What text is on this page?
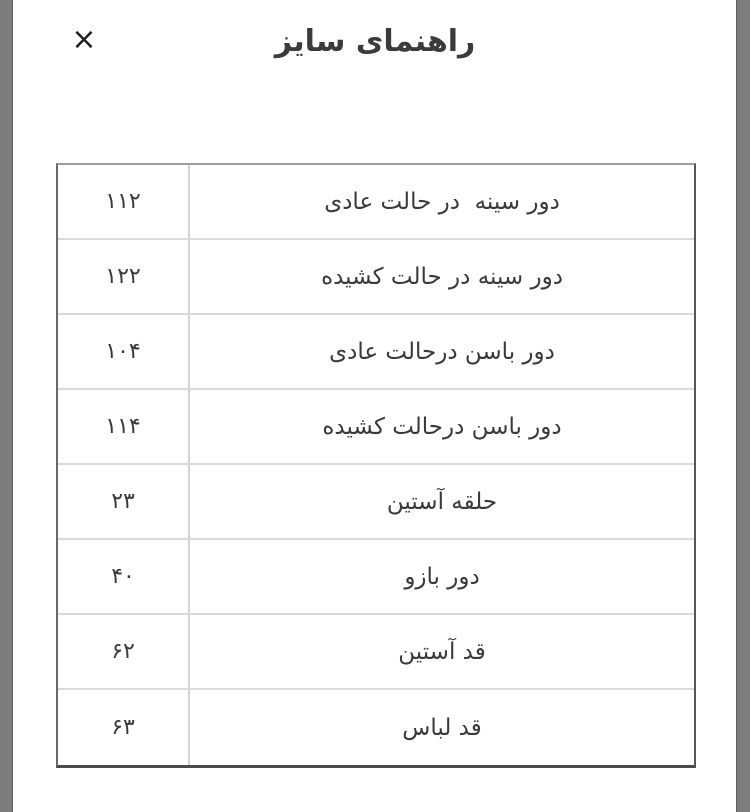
×	راهنمای سایز
۱۱۲	دور سینه  در حالت عادی
۱۲۲	دور سینه در حالت کشیده
۱۰۴	دور باسن درحالت عادی
۱۱۴	دور باسن درحالت کشیده
۲۳	حلقه آستین
۴۰	دور بازو
۶۲	قد آستین
۶۳	قد لباس
